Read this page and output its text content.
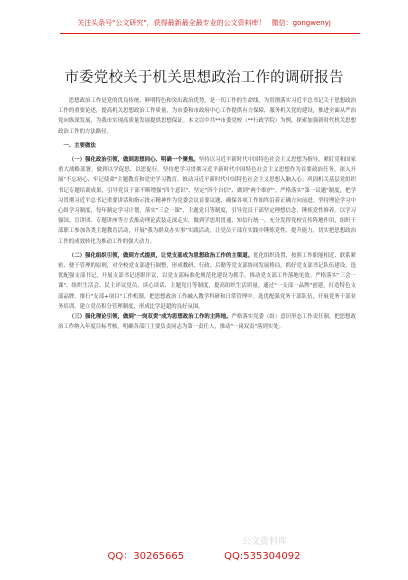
关注头条号"公文研究"，获得最新最全最专业的公文资料库！ 微信：gongwenyj
市委党校关于机关思想政治工作的调研报告

思想政治工作是党的优良传统、鲜明特色和突出政治优势，是一切工作的生命线。为贯彻落实习近平总书记关于思想政治工作的重要论述，提高机关思想政治工作质量，为市委和市政府中心工作提供有力保障，服务机关党的建设，推进全面从严治党向纵深发展，为我市实现高质量发展提供思想保证。本文以中共**市委党校（**行政学院）为例，探索加强新时代机关思想政治工作的方法路径。

一、主要做法

（一）强化政治引领，做到思想同心、明确一个聚焦。坚持以习近平新时代中国特色社会主义思想为指导，紧盯党和国家重大战略部署，做到以学促思、以思促行。坚持把学习贯彻习近平新时代中国特色社会主义思想作为首要政治任务，深入开展"不忘初心、牢记使命"主题教育和党史学习教育，推动习近平新时代中国特色社会主义思想入脑入心；巩固机关基层党组织书记专题培训成果，引导党员干部不断增强"四个意识"、坚定"四个自信"、做到"两个维护"。严格落实"第一议题"制度，把学习贯彻习近平总书记重要讲话和指示批示精神作为党委会议首要议题，确保各项工作始终沿着正确方向前进。坚持理论学习中心组学习制度，每年制定学习计划，落实"三会一课"、主题党日等制度，引导党员干部坚定理想信念、锤炼党性修养。以学习强国、宣讲团、专题讲座等方式推动理论武装走深走实，做到学思用贯通、知信行统一。充分发挥党校宣传阵地作用，组织干部职工参加各类主题教育活动，开展"我为群众办实事"实践活动，让党员干部在实践中锤炼党性、提升能力，切实把思想政治工作的成效转化为推动工作的强大动力。

（二）强化组织引领，做到方式提质，让党支部成为思想政治工作的主渠道。优化组织设置，按照工作职能相近、联系紧密、便于管理的原则，对全校党支部进行调整，形成教研、行政、后勤等党支部协同发展格局。抓好党支部书记队伍建设，选优配强支部书记，开展支部书记述职评议，以党支部标准化规范化建设为抓手，推动党支部工作落地见效。严格落实"三会一课"、组织生活会、民主评议党员、谈心谈话、主题党日等制度，提高组织生活质量。通过"一支部一品牌"创建，打造特色支部品牌。推行"支部+项目"工作机制，把思想政治工作融入教学科研和日常管理中。选优配强党务干部队伍，开展党务干部业务培训，建立党员积分管理制度，形成比学赶超的良好氛围。

（三）强化理论引领，做到"一岗双责"成为思想政治工作的主阵地。严格落实党委（组）意识形态工作责任制，把思想政治工作纳入年度目标考核，明确各部门主要负责同志为第一责任人，推动"一岗双责"落到实处。

公文资料库
QQ：30265665	QQ:535304092
